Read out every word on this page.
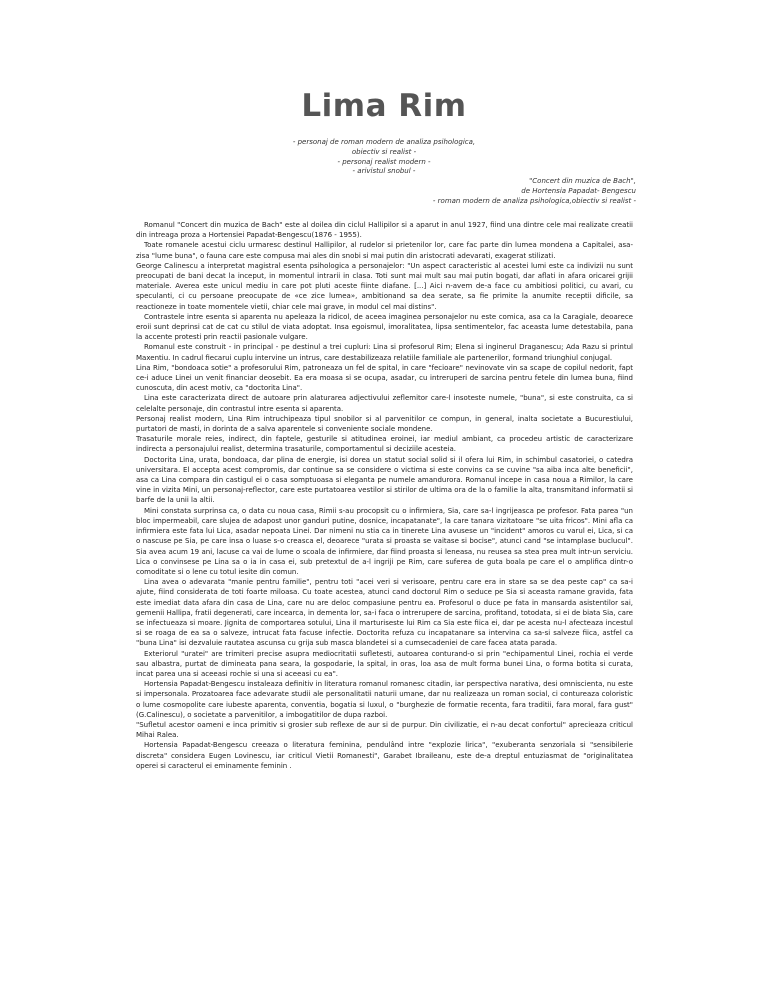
Lima Rim
- personaj de roman modern de analiza psihologica,
obiectiv si realist -
- personaj realist modern -
- arivistul snobul -
"Concert din muzica de Bach",
de Hortensia Papadat- Bengescu
- roman modern de analiza psihologica,obiectiv si realist -

Romanul "Concert din muzica de Bach" este al doilea din ciclul Hallipilor si a aparut in anul 1927, fiind una dintre cele mai realizate creatii din intreaga proza a Hortensiei Papadat-Bengescu(1876 - 1955).

Toate romanele acestui ciclu urmaresc destinul Hallipilor, al rudelor si prietenilor lor, care fac parte din lumea mondena a Capitalei, asa-zisa "lume buna", o fauna care este compusa mai ales din snobi si mai putin din aristocrati adevarati, exagerat stilizati.

George Calinescu a interpretat magistral esenta psihologica a personajelor: "Un aspect caracteristic al acestei lumi este ca indivizii nu sunt preocupati de bani decat la inceput, in momentul intrarii in clasa. Toti sunt mai mult sau mai putin bogati, dar aflati in afara oricarei grijii materiale. Averea este unicul mediu in care pot pluti aceste fiinte diafane. [...] Aici n-avem de-a face cu ambitiosi politici, cu avari, cu speculanti, ci cu persoane preocupate de «ce zice lumea», ambitionand sa dea serate, sa fie primite la anumite receptii dificile, sa reactioneze in toate momentele vietii, chiar cele mai grave, in modul cel mai distins".

Contrastele intre esenta si aparenta nu apeleaza la ridicol, de aceea imaginea personajelor nu este comica, asa ca la Caragiale, deoarece eroii sunt deprinsi cat de cat cu stilul de viata adoptat. Insa egoismul, imoralitatea, lipsa sentimentelor, fac aceasta lume detestabila, pana la accente protesti prin reactii pasionale vulgare.

Romanul este construit - in principal - pe destinul a trei cupluri: Lina si profesorul Rim; Elena si inginerul Draganescu; Ada Razu si printul Maxentiu. In cadrul fiecarui cuplu intervine un intrus, care destabilizeaza relatiile familiale ale partenerilor, formand triunghiul conjugal.

Lina Rim, "bondoaca sotie" a profesorului Rim, patroneaza un fel de spital, in care "fecioare" nevinovate vin sa scape de copilul nedorit, fapt ce-i aduce Linei un venit financiar deosebit. Ea era moasa si se ocupa, asadar, cu intreruperi de sarcina pentru fetele din lumea buna, fiind cunoscuta, din acest motiv, ca "doctorita Lina".

Lina este caracterizata direct de autoare prin alaturarea adjectivului zeflemitor care-l insoteste numele, "buna", si este construita, ca si celelalte personaje, din contrastul intre esenta si aparenta.

Personaj realist modern, Lina Rim intruchipeaza tipul snobilor si al parvenitilor ce compun, in general, inalta societate a Bucurestiului, purtatori de masti, in dorinta de a salva aparentele si conveniente sociale mondene.

Trasaturile morale reies, indirect, din faptele, gesturile si atitudinea eroinei, iar mediul ambiant, ca procedeu artistic de caracterizare indirecta a personajului realist, determina trasaturile, comportamentul si deciziile acesteia.

Doctorita Lina, urata, bondoaca, dar plina de energie, isi dorea un statut social solid si il ofera lui Rim, in schimbul casatoriei, o catedra universitara. El accepta acest compromis, dar continue sa se considere o victima si este convins ca se cuvine "sa aiba inca alte beneficii", asa ca Lina compara din castigul ei o casa somptuoasa si eleganta pe numele amandurora. Romanul incepe in casa noua a Rimilor, la care vine in vizita Mini, un personaj-reflector, care este purtatoarea vestilor si stirilor de ultima ora de la o familie la alta, transmitand informatii si barfe de la unii la altii.

Mini constata surprinsa ca, o data cu noua casa, Rimii s-au procopsit cu o infirmiera, Sia, care sa-l ingrijeasca pe profesor. Fata parea "un bloc impermeabil, care slujea de adapost unor ganduri putine, dosnice, incapatanate", la care tanara vizitatoare "se uita fricos". Mini afla ca infirmiera este fata lui Lica, asadar nepoata Linei. Dar nimeni nu stia ca in tinerete Lina avusese un "incident" amoros cu varul ei, Lica, si ca o nascuse pe Sia, pe care insa o luase s-o creasca el, deoarece "urata si proasta se vaitase si bocise", atunci cand "se intamplase bucluсul". Sia avea acum 19 ani, lacuse ca vai de lume o scoala de infirmiere, dar fiind proasta si leneasa, nu reusea sa stea prea mult intr-un serviciu. Lica o convinsese pe Lina sa o ia in casa ei, sub pretextul de a-l ingriji pe Rim, care suferea de guta boala pe care el o amplifica dintr-o comoditate si o lene cu totul iesite din comun.

Lina avea o adevarata "manie pentru familie", pentru toti "acei veri si verisoare, pentru care era in stare sa se dea peste cap" ca sa-i ajute, fiind considerata de toti foarte miloasa. Cu toate acestea, atunci cand doctorul Rim o seduce pe Sia si aceasta ramane gravida, fata este imediat data afara din casa de Lina, care nu are deloc compasiune pentru ea. Profesorul o duce pe fata in mansarda asistentilor sai, gemenii Hallipa, fratii degenerati, care incearca, in dementa lor, sa-i faca o intrerupere de sarcina, profitand, totodata, si ei de biata Sia, care se infectueaza si moare. Jignita de comportarea sotului, Lina il marturiseste lui Rim ca Sia este fiica ei, dar pe acesta nu-l afecteaza incestul si se roaga de ea sa o salveze, intrucat fata facuse infectie. Doctorita refuza cu incapatanare sa intervina ca sa-si salveze fiica, astfel ca "buna Lina" isi dezvaluie rautatea ascunsa cu grija sub masca blandetei si a cumsecadeniei de care facea atata parada.

Exteriorul "uratei" are trimiteri precise asupra mediocritatii sufletesti, autoarea conturand-o si prin "echipamentul Linei, rochia ei verde sau albastra, purtat de dimineata pana seara, la gospodarie, la spital, in oras, loa asa de mult forma bunei Lina, o forma botita si curata, incat parea una si aceeasi rochie si una si aceeasi cu ea".

Hortensia Papadat-Bengescu instaleaza definitiv in literatura romanul romanesc citadin, iar perspectiva narativa, desi omniscienta, nu este si impersonala. Prozatoarea face adevarate studii ale personalitatii naturii umane, dar nu realizeaza un roman social, ci contureaza coloristic o lume cosmopolite care iubeste aparenta, conventia, bogatia si luxul, o "burghezie de formatie recenta, fara traditii, fara moral, fara gust" (G.Calinescu), o societate a parvenitilor, a imbogatitilor de dupa razboi.

"Sufletul acestor oameni e inca primitiv si grosier sub reflexe de aur si de purpur. Din civilizatie, ei n-au decat confortul" aprecieaza criticul Mihai Ralea.

Hortensia Papadat-Bengescu creeaza o literatura feminina, pendulând intre "explozie lirica", "exuberanta senzoriala si "sensibilerie discreta" considera Eugen Lovinescu, iar criticul Vietii Romanesti", Garabet Ibraileanu, este de-a dreptul entuziasmat de "originalitatea operei si caracterul ei eminamente feminin .
